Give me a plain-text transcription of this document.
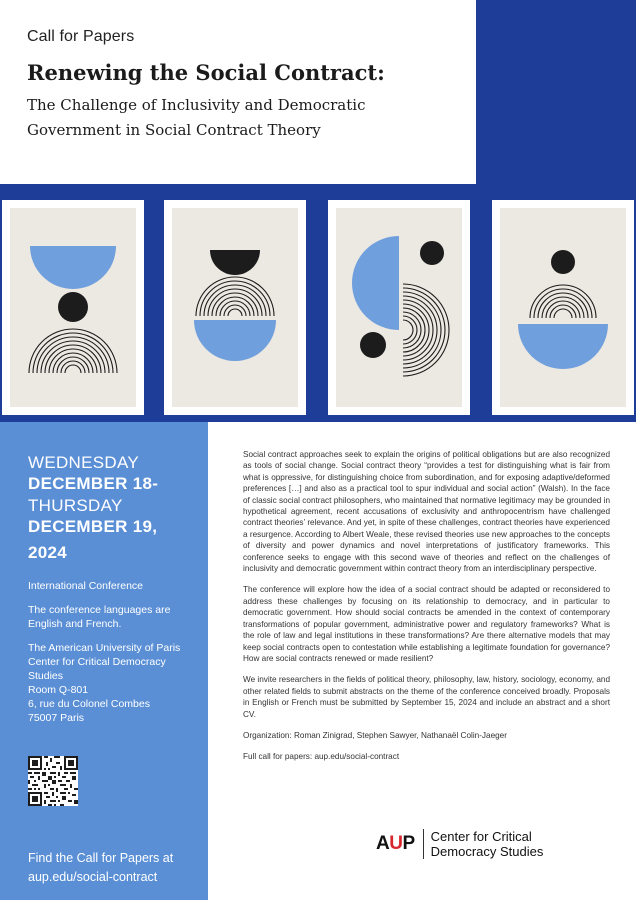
Call for Papers
Renewing the Social Contract:
The Challenge of Inclusivity and Democratic
Government in Social Contract Theory
WEDNESDAY
DECEMBER 18-
THURSDAY
DECEMBER 19,
2024
International Conference
The conference languages are
English and French.
The American University of Paris
Center for Critical Democracy
Studies
Room Q-801
6, rue du Colonel Combes
75007 Paris
Find the Call for Papers at
aup.edu/social-contract

Social contract approaches seek to explain the origins of political obligations but are also recognized as tools of social change. Social contract theory “provides a test for distinguishing what is fair from what is oppressive, for distinguishing choice from subordination, and for exposing adaptive/deformed preferences […] and also as a practical tool to spur individual and social action” (Walsh). In the face of classic social contract philosophers, who maintained that normative legitimacy may be grounded in hypothetical agreement, recent accusations of exclusivity and anthropocentrism have challenged contract theories’ relevance. And yet, in spite of these challenges, contract theories have experienced a resurgence. According to Albert Weale, these revised theories use new approaches to the concepts of diversity and power dynamics and novel interpretations of justificatory frameworks. This conference seeks to engage with this second wave of theories and reflect on the challenges of inclusivity and democratic government within contract theory from an interdisciplinary perspective.

The conference will explore how the idea of a social contract should be adapted or reconsidered to address these challenges by focusing on its relationship to democracy, and in particular to democratic government. How should social contracts be amended in the context of contemporary transformations of popular government, administrative power and regulatory frameworks? What is the role of law and legal institutions in these transformations? Are there alternative models that may keep social contracts open to contestation while establishing a legitimate foundation for governance? How are social contracts renewed or made resilient?

We invite researchers in the fields of political theory, philosophy, law, history, sociology, economy, and other related fields to submit abstracts on the theme of the conference conceived broadly. Proposals in English or French must be submitted by September 15, 2024 and include an abstract and a short CV.

Organization: Roman Zinigrad, Stephen Sawyer, Nathanaël Colin-Jaeger

Full call for papers: aup.edu/social-contract

AUP Center for Critical
Democracy Studies
